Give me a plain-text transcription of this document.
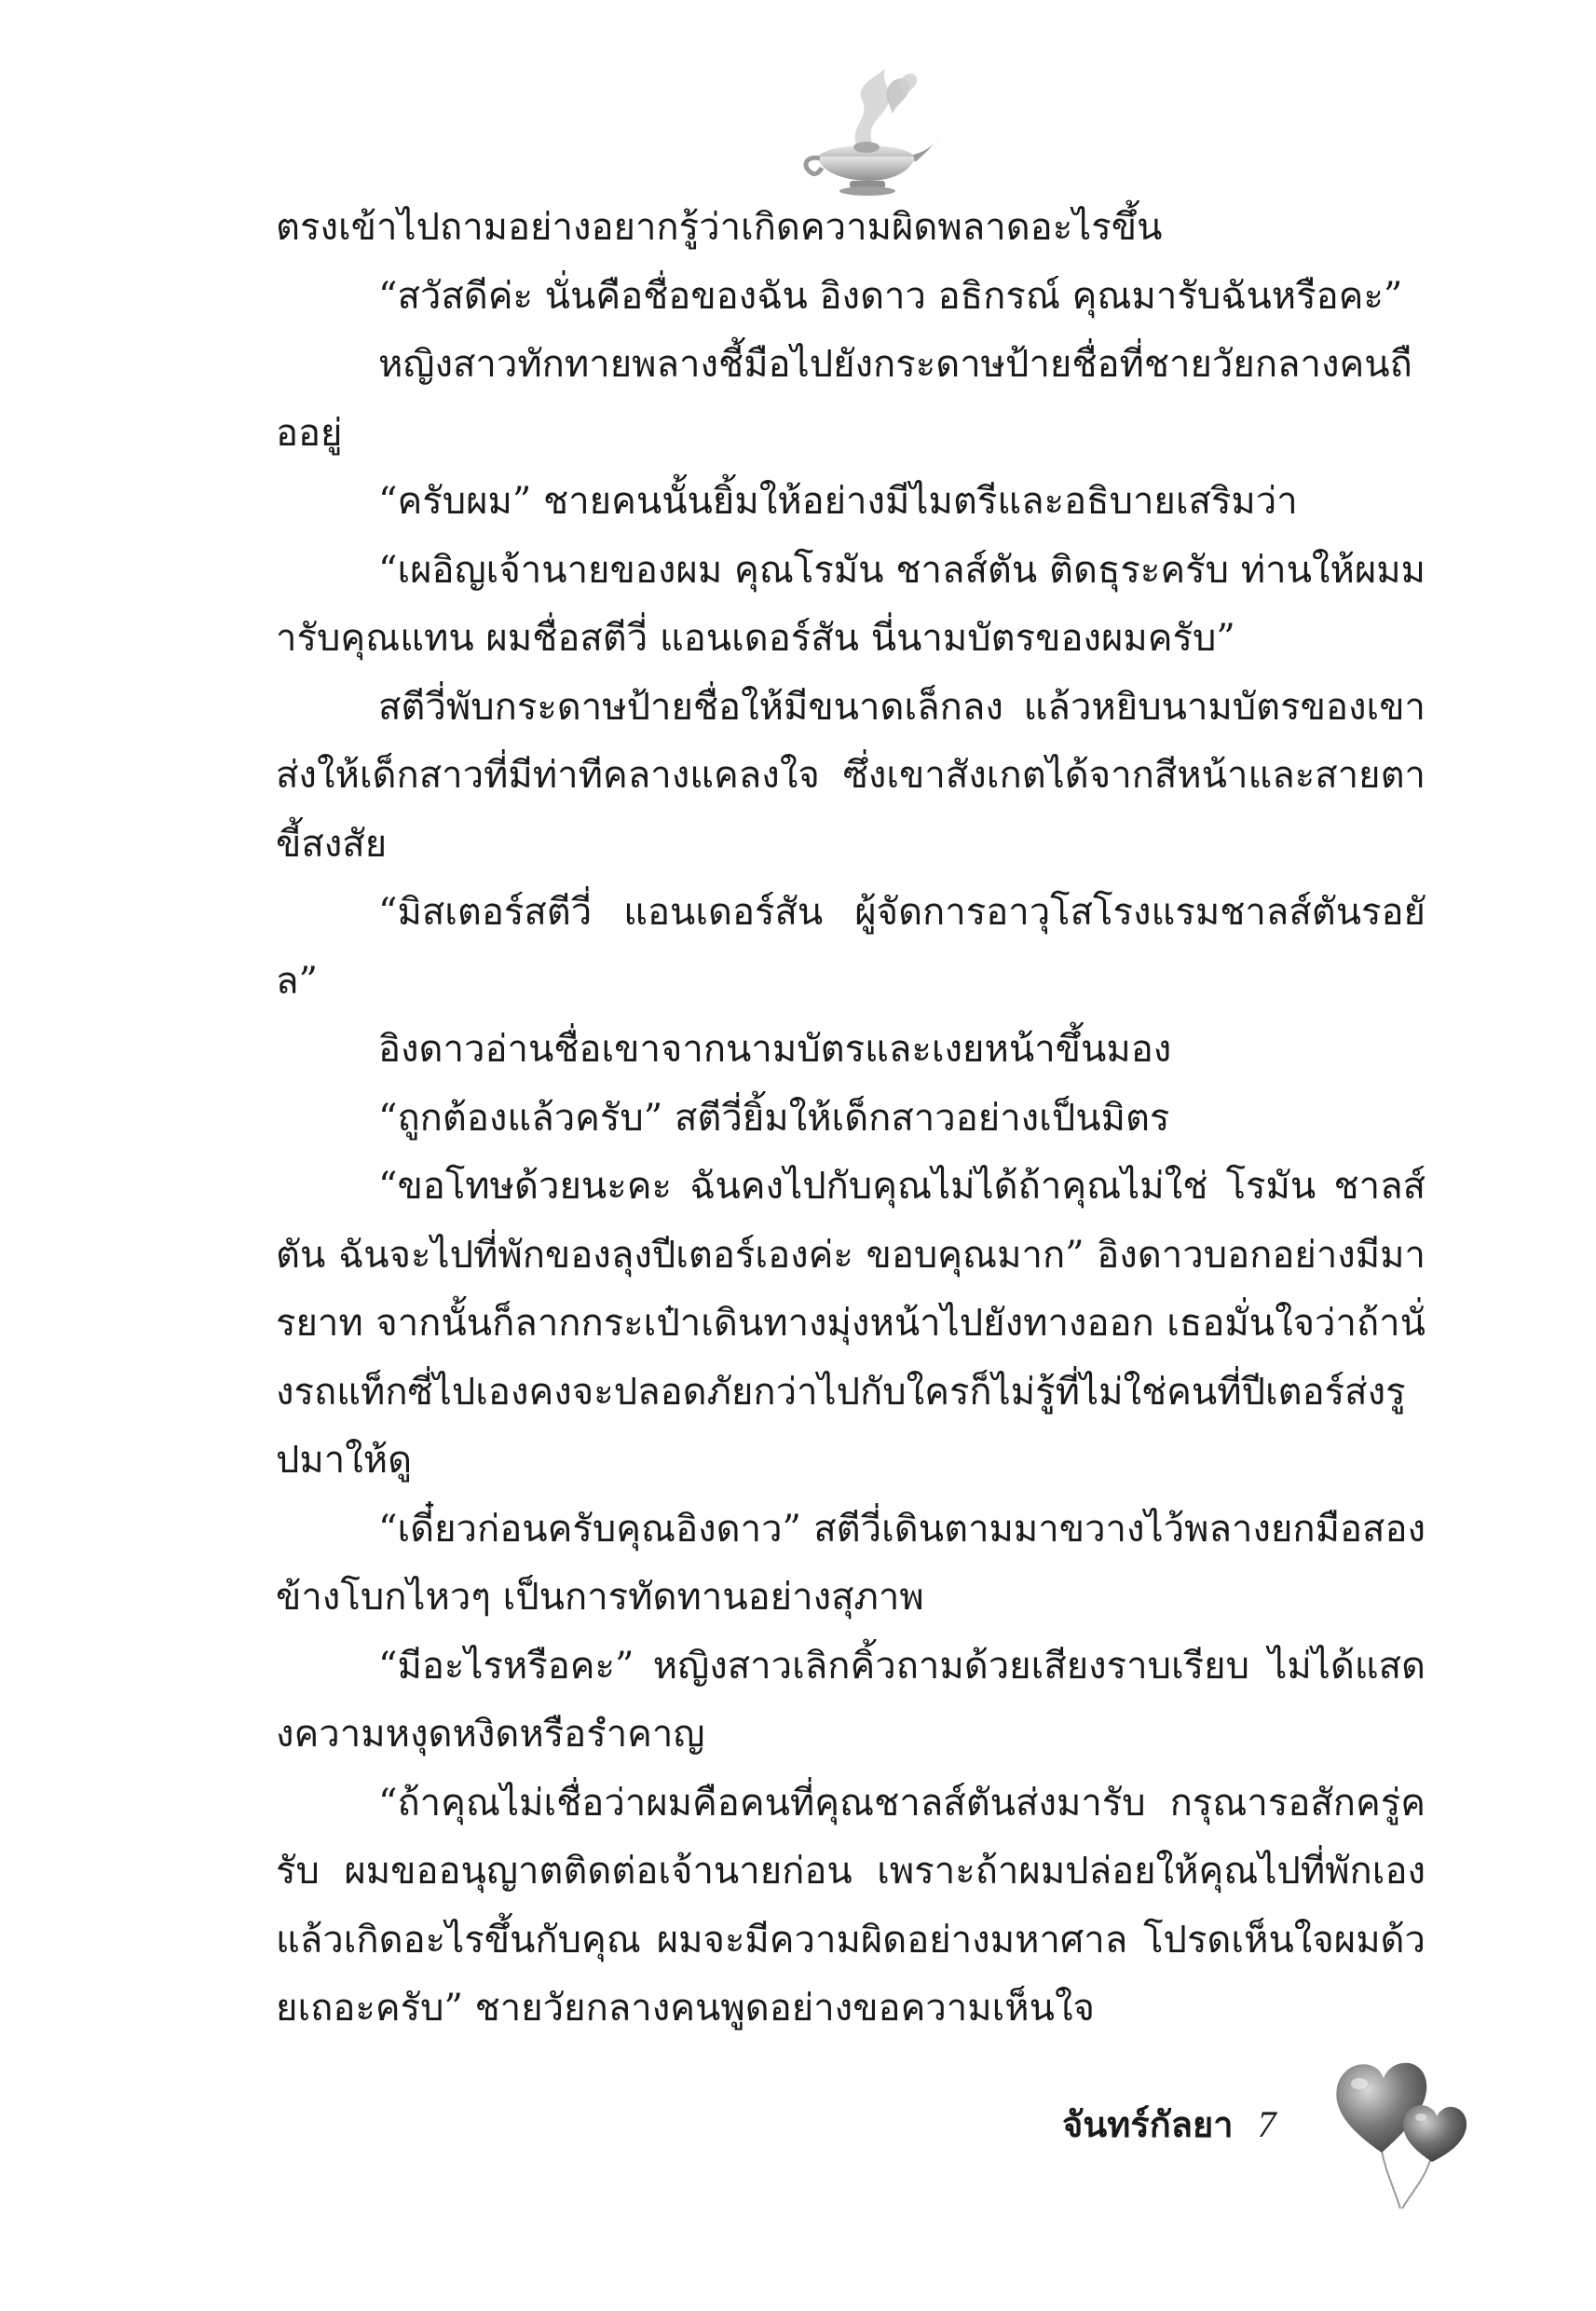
ตรงเข้าไปถามอย่างอยากรู้ว่าเกิดความผิดพลาดอะไรขึ้น

“สวัสดีค่ะ นั่นคือชื่อของฉัน อิงดาว อธิกรณ์ คุณมารับฉันหรือคะ”

หญิงสาวทักทายพลางชี้มือไปยังกระดาษป้ายชื่อที่ชายวัยกลางคนถืออยู่

“ครับผม” ชายคนนั้นยิ้มให้อย่างมีไมตรีและอธิบายเสริมว่า

“เผอิญเจ้านายของผม คุณโรมัน ชาลส์ตัน ติดธุระครับ ท่านให้ผมมารับคุณแทน ผมชื่อสตีวี่ แอนเดอร์สัน นี่นามบัตรของผมครับ”

สตีวี่พับกระดาษป้ายชื่อให้มีขนาดเล็กลง แล้วหยิบนามบัตรของเขาส่งให้เด็กสาวที่มีท่าทีคลางแคลงใจ ซึ่งเขาสังเกตได้จากสีหน้าและสายตาขี้สงสัย

“มิสเตอร์สตีวี่ แอนเดอร์สัน ผู้จัดการอาวุโสโรงแรมชาลส์ตันรอยัล”

อิงดาวอ่านชื่อเขาจากนามบัตรและเงยหน้าขึ้นมอง

“ถูกต้องแล้วครับ” สตีวี่ยิ้มให้เด็กสาวอย่างเป็นมิตร

“ขอโทษด้วยนะคะ ฉันคงไปกับคุณไม่ได้ถ้าคุณไม่ใช่ โรมัน ชาลส์ตัน ฉันจะไปที่พักของลุงปีเตอร์เองค่ะ ขอบคุณมาก” อิงดาวบอกอย่างมีมารยาท จากนั้นก็ลากกระเป๋าเดินทางมุ่งหน้าไปยังทางออก เธอมั่นใจว่าถ้านั่งรถแท็กซี่ไปเองคงจะปลอดภัยกว่าไปกับใครก็ไม่รู้ที่ไม่ใช่คนที่ปีเตอร์ส่งรูปมาให้ดู

“เดี๋ยวก่อนครับคุณอิงดาว” สตีวี่เดินตามมาขวางไว้พลางยกมือสองข้างโบกไหวๆ เป็นการทัดทานอย่างสุภาพ

“มีอะไรหรือคะ” หญิงสาวเลิกคิ้วถามด้วยเสียงราบเรียบ ไม่ได้แสดงความหงุดหงิดหรือรำคาญ

“ถ้าคุณไม่เชื่อว่าผมคือคนที่คุณชาลส์ตันส่งมารับ กรุณารอสักครู่ครับ ผมขออนุญาตติดต่อเจ้านายก่อน เพราะถ้าผมปล่อยให้คุณไปที่พักเอง แล้วเกิดอะไรขึ้นกับคุณ ผมจะมีความผิดอย่างมหาศาล โปรดเห็นใจผมด้วยเถอะครับ” ชายวัยกลางคนพูดอย่างขอความเห็นใจ

จันทร์กัลยา 7
